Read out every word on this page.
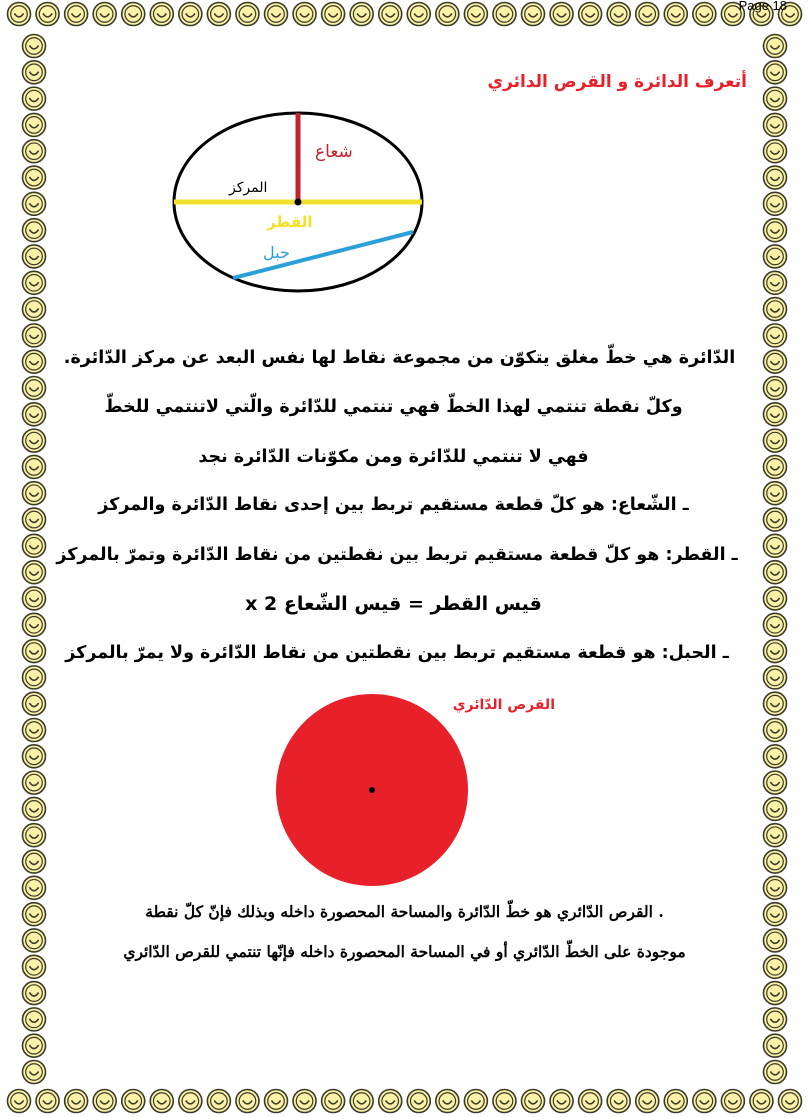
Page 18
أتعرف الدائرة و القرص الدائري
شعاع
المركز
القطر
حبل
الدّائرة هي خطّ مغلق يتكوّن من مجموعة نقاط لها نفس البعد عن مركز الدّائرة.
وكلّ نقطة تنتمي لهذا الخطّ فهي تنتمي للدّائرة والّتي لاتنتمي للخطّ
فهي لا تنتمي للدّائرة ومن مكوّنات الدّائرة نجد
ـ الشّعاع: هو كلّ قطعة مستقيم تربط بين إحدى نقاط الدّائرة والمركز
ـ القطر: هو كلّ قطعة مستقيم تربط بين نقطتين من نقاط الدّائرة وتمرّ بالمركز
قيس القطر = قيس الشّعاع 2 x
ـ الحبل: هو قطعة مستقيم تربط بين نقطتين من نقاط الدّائرة ولا يمرّ بالمركز
القرص الدّائري
. القرص الدّائري هو خطّ الدّائرة والمساحة المحصورة داخله وبذلك فإنّ كلّ نقطة
موجودة على الخطّ الدّائري أو في المساحة المحصورة داخله فإنّها تنتمي للقرص الدّائري
